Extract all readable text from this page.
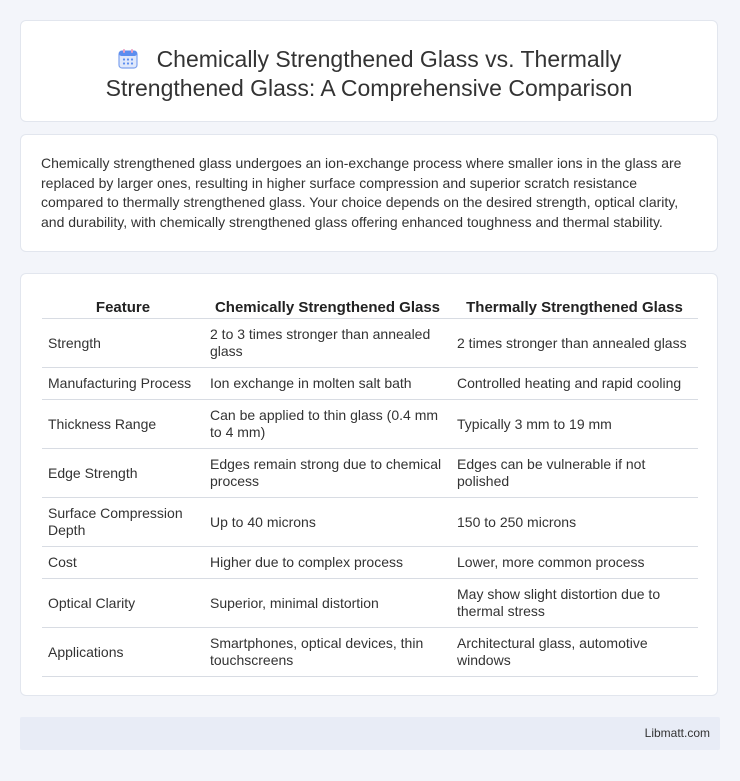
Chemically Strengthened Glass vs. Thermally Strengthened Glass: A Comprehensive Comparison

Chemically strengthened glass undergoes an ion-exchange process where smaller ions in the glass are replaced by larger ones, resulting in higher surface compression and superior scratch resistance compared to thermally strengthened glass. Your choice depends on the desired strength, optical clarity, and durability, with chemically strengthened glass offering enhanced toughness and thermal stability.

Feature	Chemically Strengthened Glass	Thermally Strengthened Glass
Strength	2 to 3 times stronger than annealed glass	2 times stronger than annealed glass
Manufacturing Process	Ion exchange in molten salt bath	Controlled heating and rapid cooling
Thickness Range	Can be applied to thin glass (0.4 mm to 4 mm)	Typically 3 mm to 19 mm
Edge Strength	Edges remain strong due to chemical process	Edges can be vulnerable if not polished
Surface Compression Depth	Up to 40 microns	150 to 250 microns
Cost	Higher due to complex process	Lower, more common process
Optical Clarity	Superior, minimal distortion	May show slight distortion due to thermal stress
Applications	Smartphones, optical devices, thin touchscreens	Architectural glass, automotive windows
Libmatt.com
